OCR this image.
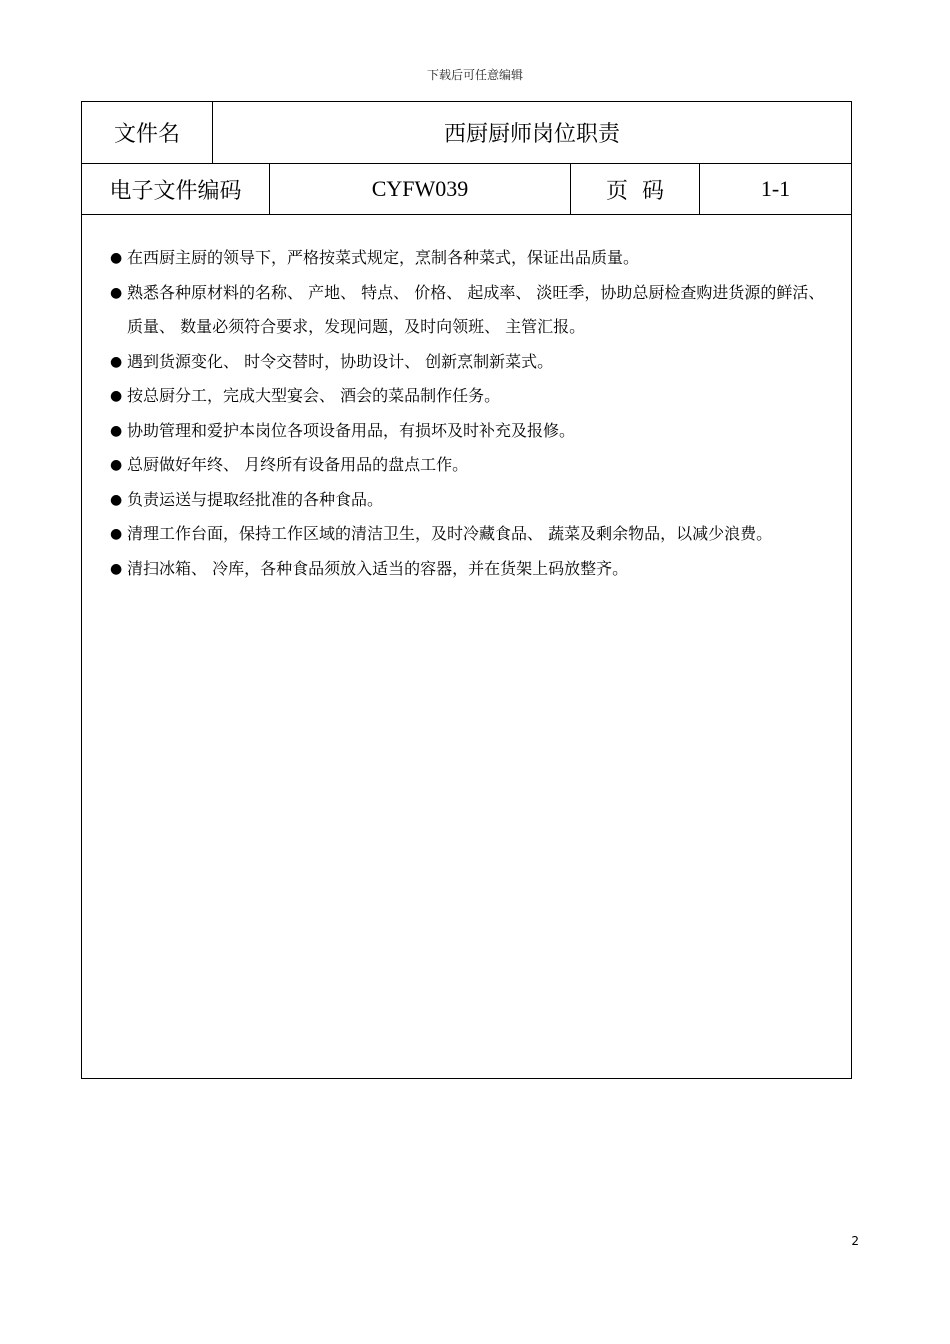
下载后可任意编辑
文件名	西厨厨师岗位职责
电子文件编码	CYFW039	页  码	1-1

● 在西厨主厨的领导下，严格按菜式规定，烹制各种菜式，保证出品质量。

● 熟悉各种原材料的名称、 产地、 特点、 价格、 起成率、 淡旺季，协助总厨检查购进货源的鲜活、 质量、 数量必须符合要求，发现问题，及时向领班、 主管汇报。

● 遇到货源变化、 时令交替时，协助设计、 创新烹制新菜式。

● 按总厨分工，完成大型宴会、 酒会的菜品制作任务。

● 协助管理和爱护本岗位各项设备用品，有损坏及时补充及报修。

● 总厨做好年终、 月终所有设备用品的盘点工作。

● 负责运送与提取经批准的各种食品。

● 清理工作台面，保持工作区域的清洁卫生，及时冷藏食品、 蔬菜及剩余物品，以减少浪费。

● 清扫冰箱、 冷库，各种食品须放入适当的容器，并在货架上码放整齐。

2
